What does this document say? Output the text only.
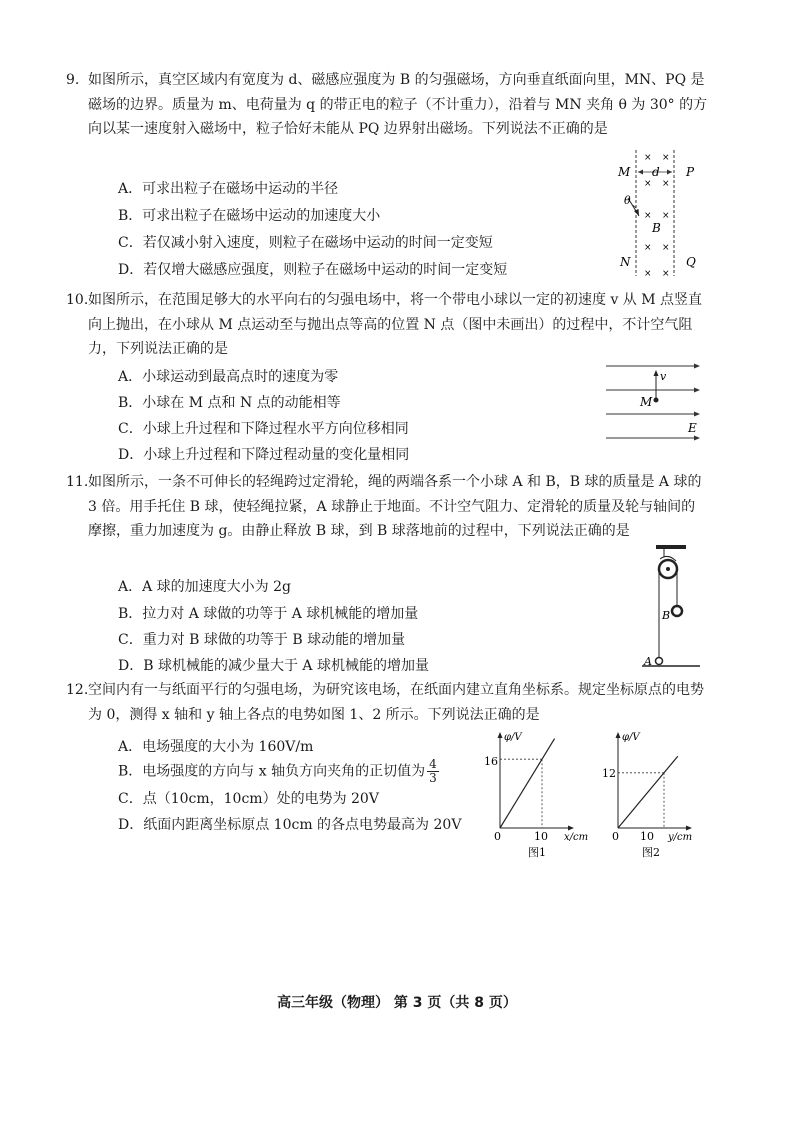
9. 如图所示，真空区域内有宽度为 d、磁感应强度为 B 的匀强磁场，方向垂直纸面向里，MN、PQ 是磁场的边界。质量为 m、电荷量为 q 的带正电的粒子（不计重力），沿着与 MN 夹角 θ 为 30° 的方向以某一速度射入磁场中，粒子恰好未能从 PQ 边界射出磁场。下列说法不正确的是

A．可求出粒子在磁场中运动的半径
B．可求出粒子在磁场中运动的加速度大小
C．若仅减小射入速度，则粒子在磁场中运动的时间一定变短
D．若仅增大磁感应强度，则粒子在磁场中运动的时间一定变短
× ×
× ×
× ×
× ×
× ×
d
M	P
N	Q
B
θ

10.如图所示，在范围足够大的水平向右的匀强电场中，将一个带电小球以一定的初速度 v 从 M 点竖直向上抛出，在小球从 M 点运动至与抛出点等高的位置 N 点（图中未画出）的过程中，不计空气阻力，下列说法正确的是

A．小球运动到最高点时的速度为零
B．小球在 M 点和 N 点的动能相等
C．小球上升过程和下降过程水平方向位移相同
D．小球上升过程和下降过程动量的变化量相同
v
M
E

11.如图所示，一条不可伸长的轻绳跨过定滑轮，绳的两端各系一个小球 A 和 B，B 球的质量是 A 球的 3 倍。用手托住 B 球，使轻绳拉紧，A 球静止于地面。不计空气阻力、定滑轮的质量及轮与轴间的摩擦，重力加速度为 g。由静止释放 B 球，到 B 球落地前的过程中，下列说法正确的是

A．A 球的加速度大小为 2g
B．拉力对 A 球做的功等于 A 球机械能的增加量
C．重力对 B 球做的功等于 B 球动能的增加量
D．B 球机械能的减少量大于 A 球机械能的增加量
B
A

12.空间内有一与纸面平行的匀强电场，为研究该电场，在纸面内建立直角坐标系。规定坐标原点的电势为 0，测得 x 轴和 y 轴上各点的电势如图 1、2 所示。下列说法正确的是

A．电场强度的大小为 160V/m
B．电场强度的方向与 x 轴负方向夹角的正切值为 $\frac{4}{3}$
C．点（10cm，10cm）处的电势为 20V
D．纸面内距离坐标原点 10cm 的各点电势最高为 20V
φ/V
16
0	10 x/cm
图1
φ/V
12
0 10 y/cm
图2
高三年级（物理） 第 3 页（共 8 页）
